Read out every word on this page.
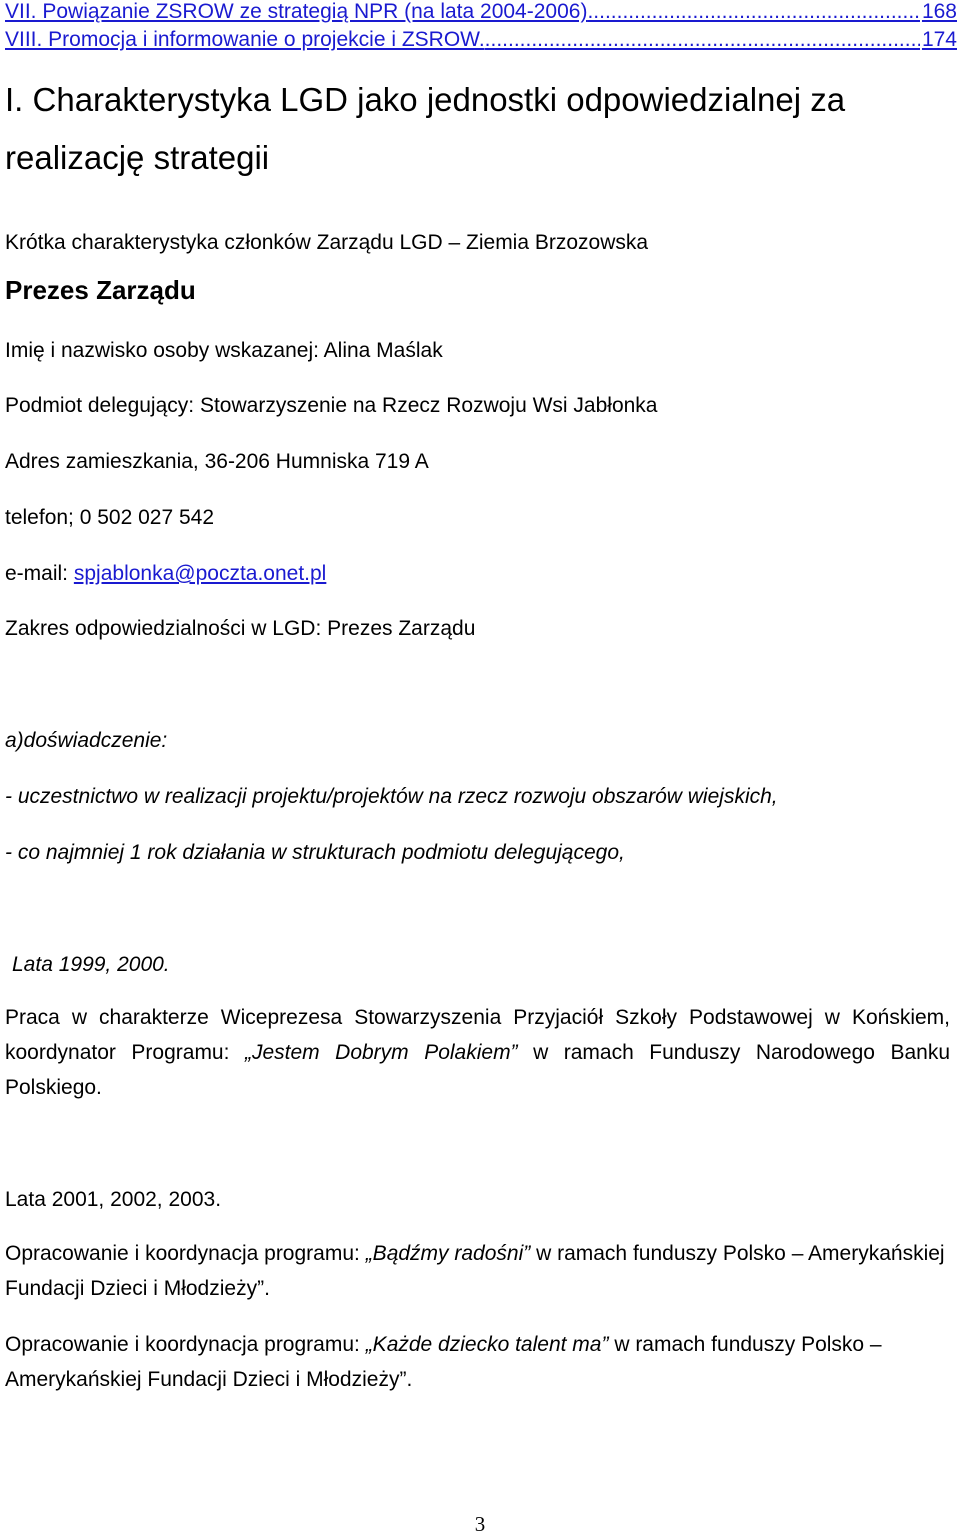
VII. Powiązanie ZSROW ze strategią NPR (na lata 2004-2006) .....	168
VIII. Promocja i informowanie o projekcie i ZSROW. .....	174
I. Charakterystyka LGD jako jednostki odpowiedzialnej za
realizację strategii
Krótka charakterystyka członków Zarządu LGD – Ziemia Brzozowska
Prezes Zarządu
Imię i nazwisko osoby wskazanej: Alina Maślak
Podmiot delegujący: Stowarzyszenie na Rzecz Rozwoju Wsi Jabłonka
Adres zamieszkania, 36-206 Humniska 719 A
telefon; 0 502 027 542
e-mail: spjablonka@poczta.onet.pl
Zakres odpowiedzialności w LGD: Prezes Zarządu
a)doświadczenie:
- uczestnictwo w realizacji projektu/projektów na rzecz rozwoju obszarów wiejskich,
- co najmniej 1 rok działania w strukturach podmiotu delegującego,
Lata 1999, 2000.
Praca w charakterze Wiceprezesa Stowarzyszenia Przyjaciół Szkoły Podstawowej w Końskiem, koordynator Programu: „Jestem Dobrym Polakiem” w ramach Funduszy Narodowego Banku Polskiego.
Lata 2001, 2002, 2003.
Opracowanie i koordynacja programu: „Bądźmy radośni” w ramach funduszy Polsko – Amerykańskiej Fundacji Dzieci i Młodzieży”.
Opracowanie i koordynacja programu: „Każde dziecko talent ma” w ramach funduszy Polsko – Amerykańskiej Fundacji Dzieci i Młodzieży”.
3
